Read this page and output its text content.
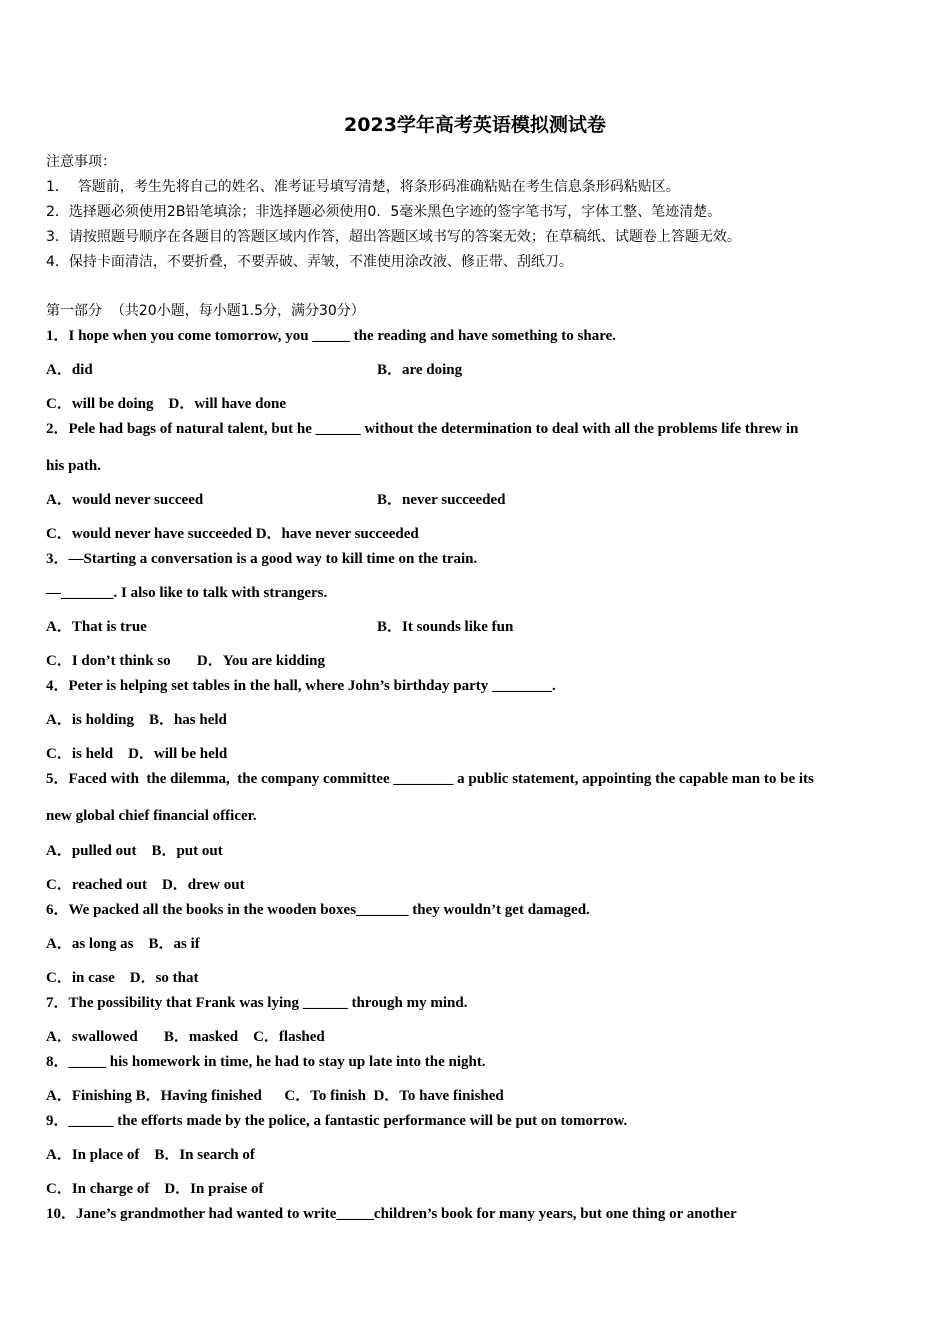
2023学年高考英语模拟测试卷
注意事项：
1．  答题前，考生先将自己的姓名、准考证号填写清楚，将条形码准确粘贴在考生信息条形码粘贴区。
2．选择题必须使用2B铅笔填涂；非选择题必须使用0．5毫米黑色字迹的签字笔书写，字体工整、笔迹清楚。
3．请按照题号顺序在各题目的答题区域内作答，超出答题区域书写的答案无效；在草稿纸、试题卷上答题无效。
4．保持卡面清洁，不要折叠，不要弄破、弄皱，不准使用涂改液、修正带、刮纸刀。
第一部分  （共20小题，每小题1.5分，满分30分）
1．I hope when you come tomorrow, you _____ the reading and have something to share.
A．did	B．are doing
C．will be doing    D．will have done
2．Pele had bags of natural talent, but he ______ without the determination to deal with all the problems life threw in
his path.
A．would never succeed	B．never succeeded
C．would never have succeeded D．have never succeeded
3．—Starting a conversation is a good way to kill time on the train.
—_______. I also like to talk with strangers.
A．That is true	B．It sounds like fun
C．I don’t think so       D．You are kidding
4．Peter is helping set tables in the hall, where John’s birthday party ________.
A．is holding    B．has held
C．is held    D．will be held
5．Faced with  the dilemma,  the company committee ________ a public statement, appointing the capable man to be its
new global chief financial officer.
A．pulled out    B．put out
C．reached out    D．drew out
6．We packed all the books in the wooden boxes_______ they wouldn’t get damaged.
A．as long as    B．as if
C．in case    D．so that
7．The possibility that Frank was lying ______ through my mind.
A．swallowed       B．masked    C．flashed
8．_____ his homework in time, he had to stay up late into the night.
A．Finishing B．Having finished      C．To finish  D．To have finished
9．______ the efforts made by the police, a fantastic performance will be put on tomorrow.
A．In place of    B．In search of
C．In charge of    D．In praise of
10．Jane’s grandmother had wanted to write_____children’s book for many years, but one thing or another
